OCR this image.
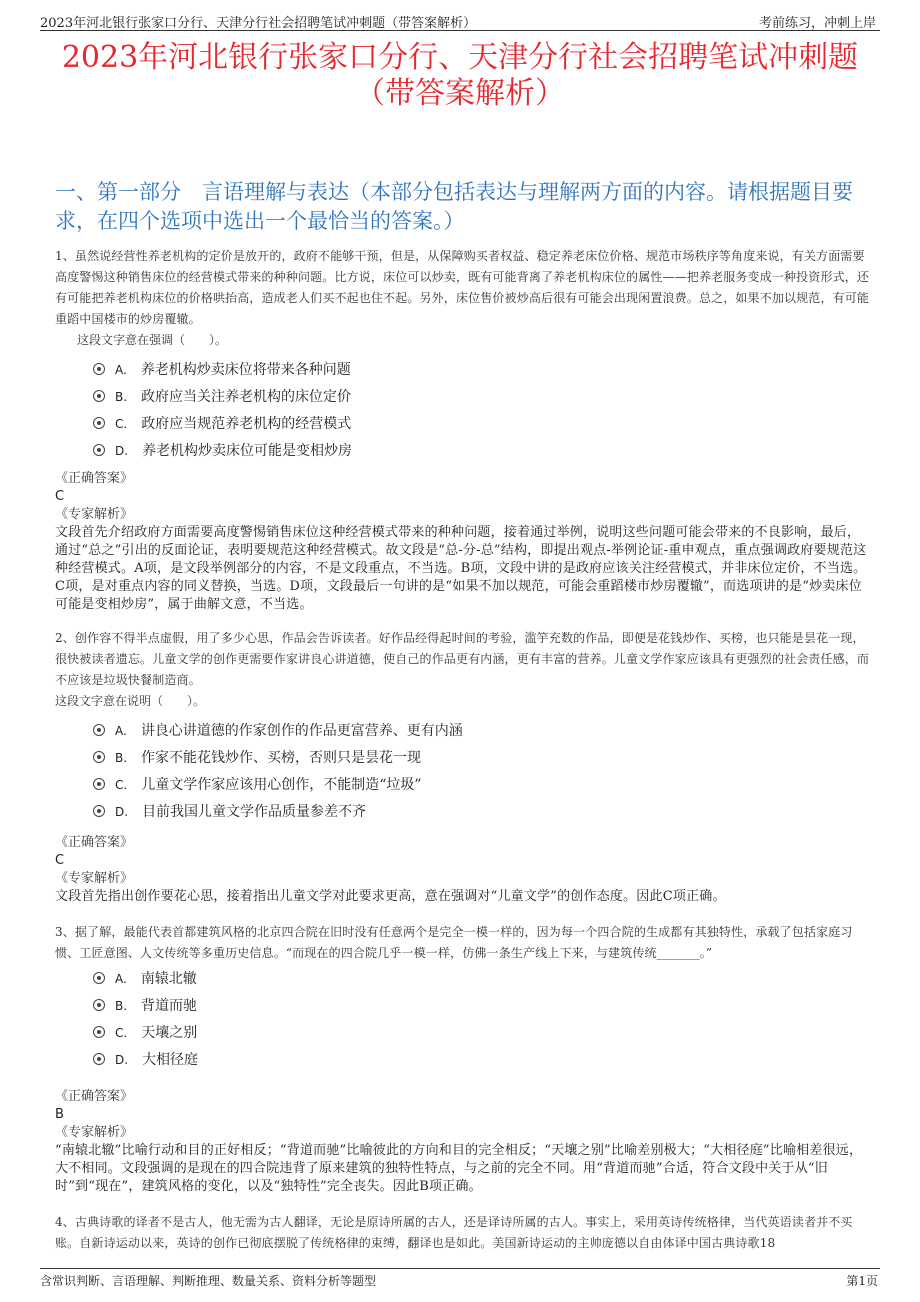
2023年河北银行张家口分行、天津分行社会招聘笔试冲刺题（带答案解析）	考前练习，冲刺上岸
2023年河北银行张家口分行、天津分行社会招聘笔试冲刺题
（带答案解析）
一、第一部分　言语理解与表达（本部分包括表达与理解两方面的内容。请根据题目要求，在四个选项中选出一个最恰当的答案。）

1、虽然说经营性养老机构的定价是放开的，政府不能够干预，但是，从保障购买者权益、稳定养老床位价格、规范市场秩序等角度来说，有关方面需要高度警惕这种销售床位的经营模式带来的种种问题。比方说，床位可以炒卖，既有可能背离了养老机构床位的属性——把养老服务变成一种投资形式，还有可能把养老机构床位的价格哄抬高，造成老人们买不起也住不起。另外，床位售价被炒高后很有可能会出现闲置浪费。总之，如果不加以规范，有可能重蹈中国楼市的炒房覆辙。

这段文字意在强调（　　）。

A. 养老机构炒卖床位将带来各种问题
B. 政府应当关注养老机构的床位定价
C. 政府应当规范养老机构的经营模式
D. 养老机构炒卖床位可能是变相炒房

《正确答案》

C

《专家解析》

文段首先介绍政府方面需要高度警惕销售床位这种经营模式带来的种种问题，接着通过举例，说明这些问题可能会带来的不良影响，最后，通过“总之”引出的反面论证，表明要规范这种经营模式。故文段是“总-分-总”结构，即提出观点-举例论证-重申观点，重点强调政府要规范这种经营模式。A项，是文段举例部分的内容，不是文段重点，不当选。B项，文段中讲的是政府应该关注经营模式，并非床位定价，不当选。C项，是对重点内容的同义替换，当选。D项，文段最后一句讲的是“如果不加以规范，可能会重蹈楼市炒房覆辙”，而选项讲的是“炒卖床位可能是变相炒房”，属于曲解文意，不当选。

2、创作容不得半点虚假，用了多少心思，作品会告诉读者。好作品经得起时间的考验，滥竽充数的作品，即便是花钱炒作、买榜，也只能是昙花一现，很快被读者遗忘。儿童文学的创作更需要作家讲良心讲道德，使自己的作品更有内涵，更有丰富的营养。儿童文学作家应该具有更强烈的社会责任感，而不应该是垃圾快餐制造商。

这段文字意在说明（　　）。

A. 讲良心讲道德的作家创作的作品更富营养、更有内涵
B. 作家不能花钱炒作、买榜，否则只是昙花一现
C. 儿童文学作家应该用心创作，不能制造“垃圾”
D. 目前我国儿童文学作品质量参差不齐

《正确答案》

C

《专家解析》

文段首先指出创作要花心思，接着指出儿童文学对此要求更高，意在强调对“儿童文学”的创作态度。因此C项正确。

3、据了解，最能代表首都建筑风格的北京四合院在旧时没有任意两个是完全一模一样的，因为每一个四合院的生成都有其独特性，承载了包括家庭习惯、工匠意图、人文传统等多重历史信息。“而现在的四合院几乎一模一样，仿佛一条生产线上下来，与建筑传统_______。”

A. 南辕北辙
B. 背道而驰
C. 天壤之别
D. 大相径庭

《正确答案》

B

《专家解析》

“南辕北辙”比喻行动和目的正好相反；“背道而驰”比喻彼此的方向和目的完全相反；“天壤之别”比喻差别极大；“大相径庭”比喻相差很远，大不相同。文段强调的是现在的四合院违背了原来建筑的独特性特点，与之前的完全不同。用“背道而驰”合适，符合文段中关于从“旧时”到“现在”，建筑风格的变化，以及“独特性”完全丧失。因此B项正确。

4、古典诗歌的译者不是古人，他无需为古人翻译，无论是原诗所属的古人，还是译诗所属的古人。事实上，采用英诗传统格律，当代英语读者并不买账。自新诗运动以来，英诗的创作已彻底摆脱了传统格律的束缚，翻译也是如此。美国新诗运动的主帅庞德以自由体译中国古典诗歌18

含常识判断、言语理解、判断推理、数量关系、资料分析等题型	第1页
